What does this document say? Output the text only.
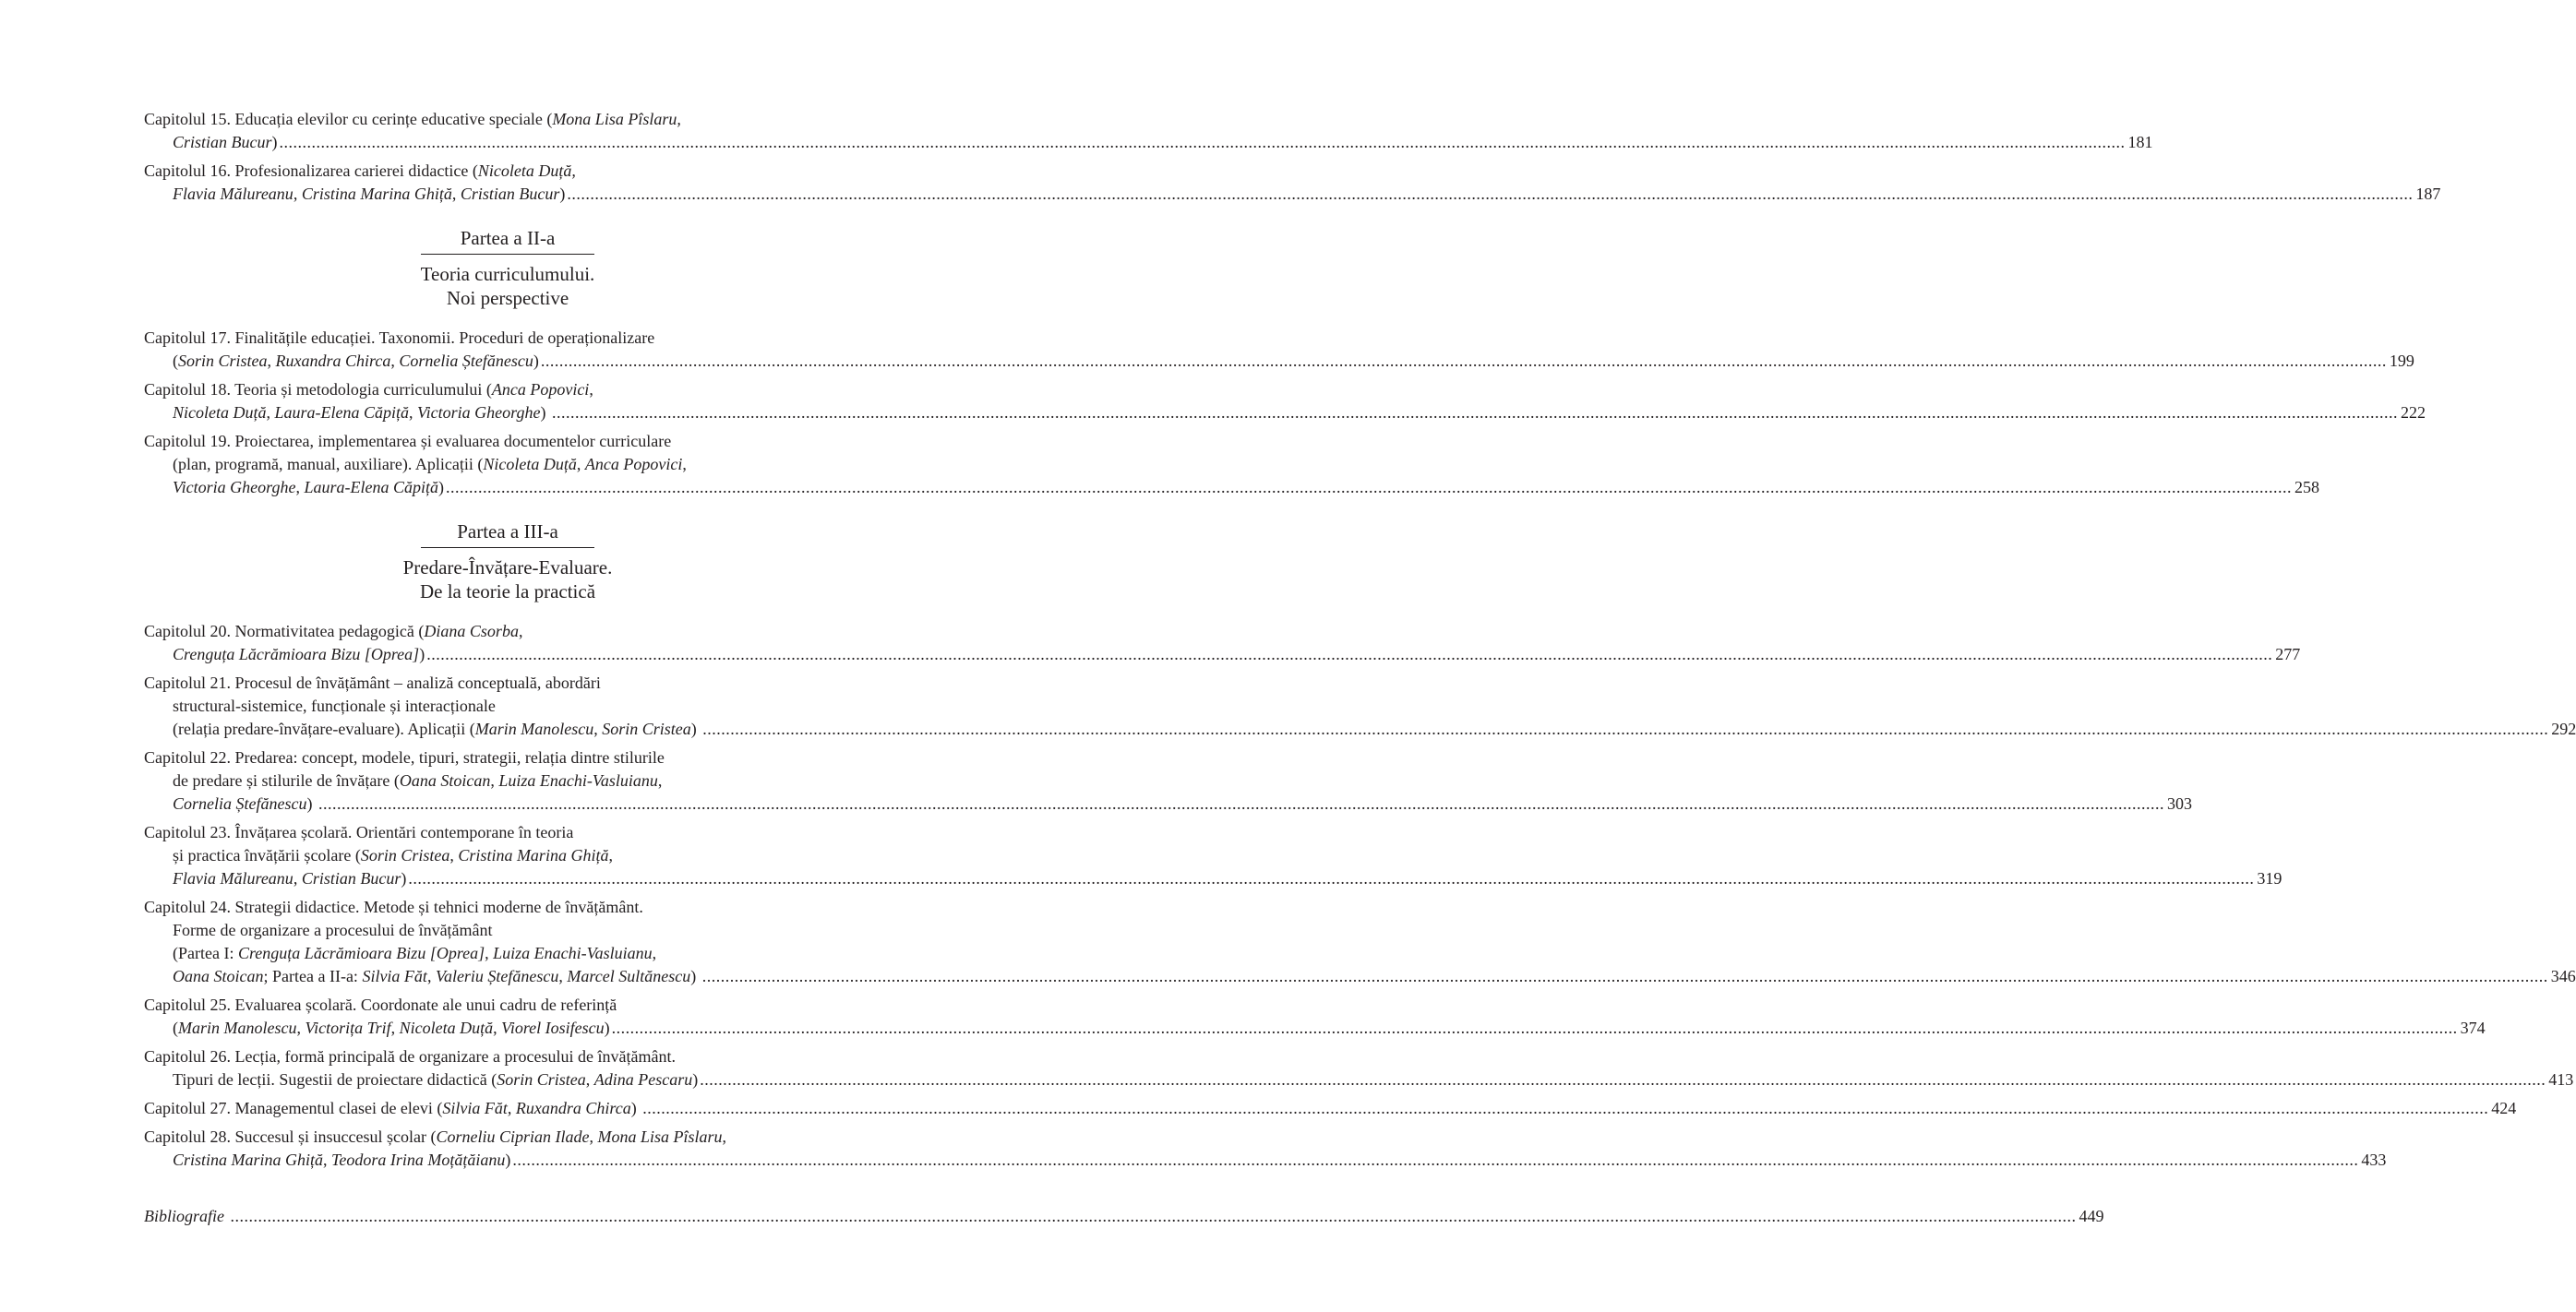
Capitolul 15. Educația elevilor cu cerințe educative speciale ( Mona Lisa Pîslaru,
Cristian Bucur ) ................................................................................................................................................................................................................................................................................................................................................................................................................ 181
Capitolul 16. Profesionalizarea carierei didactice ( Nicoleta Duță,
Flavia Mălureanu , Cristina Marina Ghiță , Cristian Bucur ) ................................................................................................................................................................................................................................................................................................................................................................................................................ 187
Partea a II-a
Teoria curriculumului.
Noi perspective
Capitolul 17. Finalitățile educației. Taxonomii. Proceduri de operaționalizare
( Sorin Cristea , Ruxandra Chirca , Cornelia Ștefănescu ) ................................................................................................................................................................................................................................................................................................................................................................................................................ 199
Capitolul 18. Teoria și metodologia curriculumului ( Anca Popovici ,
Nicoleta Duță , Laura-Elena Căpiță , Victoria Gheorghe ) ................................................................................................................................................................................................................................................................................................................................................................................................................ 222
Capitolul 19. Proiectarea, implementarea și evaluarea documentelor curriculare
(plan, programă, manual, auxiliare). Aplicații ( Nicoleta Duță , Anca Popovici ,
Victoria Gheorghe , Laura-Elena Căpiță ) ................................................................................................................................................................................................................................................................................................................................................................................................................ 258
Partea a III-a
Predare-Învățare-Evaluare.
De la teorie la practică
Capitolul 20. Normativitatea pedagogică ( Diana Csorba ,
Crenguța Lăcrămioara Bizu [Oprea] ) ................................................................................................................................................................................................................................................................................................................................................................................................................ 277
Capitolul 21. Procesul de învățământ – analiză conceptuală, abordări
structural-sistemice, funcționale și interacționale
(relația predare-învățare-evaluare). Aplicații ( Marin Manolescu , Sorin Cristea ) ................................................................................................................................................................................................................................................................................................................................................................................................................ 292
Capitolul 22. Predarea: concept, modele, tipuri, strategii, relația dintre stilurile
de predare și stilurile de învățare ( Oana Stoican , Luiza Enachi-Vasluianu ,
Cornelia Ștefănescu ) ................................................................................................................................................................................................................................................................................................................................................................................................................ 303
Capitolul 23. Învățarea școlară. Orientări contemporane în teoria
și practica învățării școlare ( Sorin Cristea , Cristina Marina Ghiță ,
Flavia Mălureanu , Cristian Bucur ) ................................................................................................................................................................................................................................................................................................................................................................................................................ 319
Capitolul 24. Strategii didactice. Metode și tehnici moderne de învățământ.
Forme de organizare a procesului de învățământ
(Partea I: Crenguța Lăcrămioara Bizu [Oprea] , Luiza Enachi-Vasluianu ,
Oana Stoican ; Partea a II-a: Silvia Făt , Valeriu Ștefănescu , Marcel Sultănescu ) ................................................................................................................................................................................................................................................................................................................................................................................................................ 346
Capitolul 25. Evaluarea școlară. Coordonate ale unui cadru de referință
( Marin Manolescu , Victorița Trif , Nicoleta Duță , Viorel Iosifescu ) ................................................................................................................................................................................................................................................................................................................................................................................................................ 374
Capitolul 26. Lecția, formă principală de organizare a procesului de învățământ.
Tipuri de lecții. Sugestii de proiectare didactică ( Sorin Cristea , Adina Pescaru ) ................................................................................................................................................................................................................................................................................................................................................................................................................ 413
Capitolul 27. Managementul clasei de elevi ( Silvia Făt , Ruxandra Chirca ) ................................................................................................................................................................................................................................................................................................................................................................................................................ 424
Capitolul 28. Succesul și insuccesul școlar ( Corneliu Ciprian Ilade , Mona Lisa Pîslaru ,
Cristina Marina Ghiță , Teodora Irina Moțățăianu ) ................................................................................................................................................................................................................................................................................................................................................................................................................ 433
Bibliografie ................................................................................................................................................................................................................................................................................................................................................................................................................ 449
